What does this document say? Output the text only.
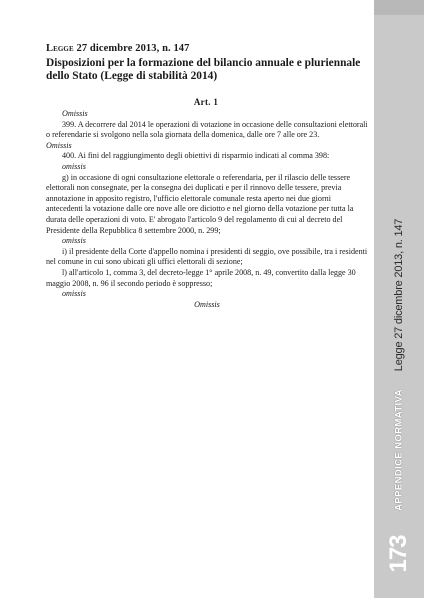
Legge 27 dicembre 2013, n. 147
Disposizioni per la formazione del bilancio annuale e pluriennale dello Stato (Legge di stabilità 2014)
Art. 1

Omissis

399. A decorrere dal 2014 le operazioni di votazione in occasione delle consultazioni elettorali o referendarie si svolgono nella sola giornata della domenica, dalle ore 7 alle ore 23.

Omissis

400. Ai fini del raggiungimento degli obiettivi di risparmio indicati al comma 398:

omissis

g) in occasione di ogni consultazione elettorale o referendaria, per il rilascio delle tessere elettorali non consegnate, per la consegna dei duplicati e per il rinnovo delle tessere, previa annotazione in apposito registro, l'ufficio elettorale comunale resta aperto nei due giorni antecedenti la votazione dalle ore nove alle ore diciotto e nel giorno della votazione per tutta la durata delle operazioni di voto. E' abrogato l'articolo 9 del regolamento di cui al decreto del Presidente della Repubblica 8 settembre 2000, n. 299;

omissis

i) il presidente della Corte d'appello nomina i presidenti di seggio, ove possibile, tra i residenti nel comune in cui sono ubicati gli uffici elettorali di sezione;

l) all'articolo 1, comma 3, del decreto-legge 1° aprile 2008, n. 49, convertito dalla legge 30 maggio 2008, n. 96 il secondo periodo è soppresso;

omissis

Omissis	Legge 27 dicembre 2013, n. 147
APPENDICE NORMATIVA
173
